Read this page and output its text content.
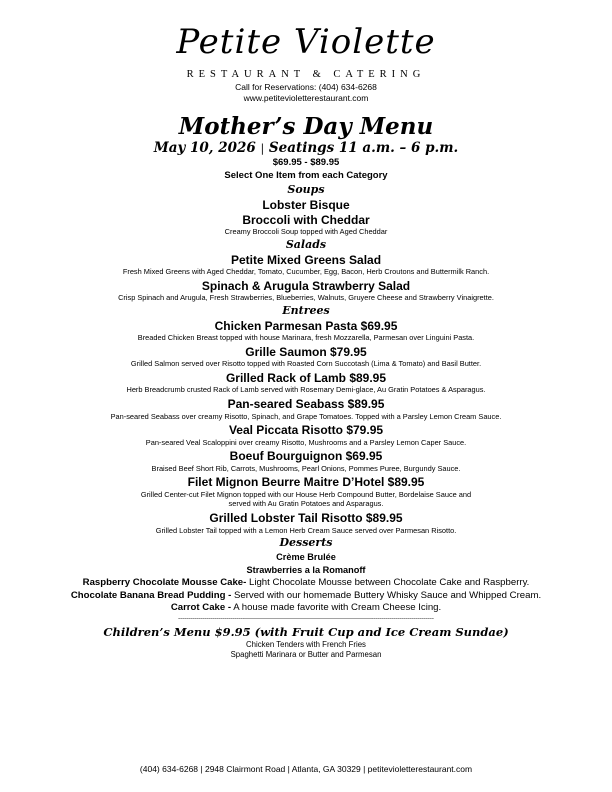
Petite Violette
RESTAURANT & CATERING
Call for Reservations: (404) 634-6268
www.petitevioletterestaurant.com
Mother’s Day Menu
May 10, 2026 | Seatings 11 a.m. – 6 p.m.
$69.95 - $89.95
Select One Item from each Category
Soups
Lobster Bisque
Broccoli with Cheddar
Creamy Broccoli Soup topped with Aged Cheddar
Salads
Petite Mixed Greens Salad
Fresh Mixed Greens with Aged Cheddar, Tomato, Cucumber, Egg, Bacon, Herb Croutons and Buttermilk Ranch.
Spinach & Arugula Strawberry Salad
Crisp Spinach and Arugula, Fresh Strawberries, Blueberries, Walnuts, Gruyere Cheese and Strawberry Vinaigrette.
Entrees
Chicken Parmesan Pasta $69.95
Breaded Chicken Breast topped with house Marinara, fresh Mozzarella, Parmesan over Linguini Pasta.
Grille Saumon $79.95
Grilled Salmon served over Risotto topped with Roasted Corn Succotash (Lima & Tomato) and Basil Butter.
Grilled Rack of Lamb $89.95
Herb Breadcrumb crusted Rack of Lamb served with Rosemary Demi-glace, Au Gratin Potatoes & Asparagus.
Pan-seared Seabass $89.95
Pan-seared Seabass over creamy Risotto, Spinach, and Grape Tomatoes. Topped with a Parsley Lemon Cream Sauce.
Veal Piccata Risotto $79.95
Pan-seared Veal Scaloppini over creamy Risotto, Mushrooms and a Parsley Lemon Caper Sauce.
Boeuf Bourguignon $69.95
Braised Beef Short Rib, Carrots, Mushrooms, Pearl Onions, Pommes Puree, Burgundy Sauce.
Filet Mignon Beurre Maitre D’Hotel $89.95
Grilled Center-cut Filet Mignon topped with our House Herb Compound Butter, Bordelaise Sauce and
served with Au Gratin Potatoes and Asparagus.
Grilled Lobster Tail Risotto $89.95
Grilled Lobster Tail topped with a Lemon Herb Cream Sauce served over Parmesan Risotto.
Desserts
Crème Brulée
Strawberries a la Romanoff
Raspberry Chocolate Mousse Cake- Light Chocolate Mousse between Chocolate Cake and Raspberry.
Chocolate Banana Bread Pudding - Served with our homemade Buttery Whisky Sauce and Whipped Cream.
Carrot Cake - A house made favorite with Cream Cheese Icing.
--------------------------------------------------------------------------------------------------------------------------------
Children’s Menu $9.95 (with Fruit Cup and Ice Cream Sundae)
Chicken Tenders with French Fries
Spaghetti Marinara or Butter and Parmesan
(404) 634-6268 | 2948 Clairmont Road | Atlanta, GA 30329 | petitevioletterestaurant.com
